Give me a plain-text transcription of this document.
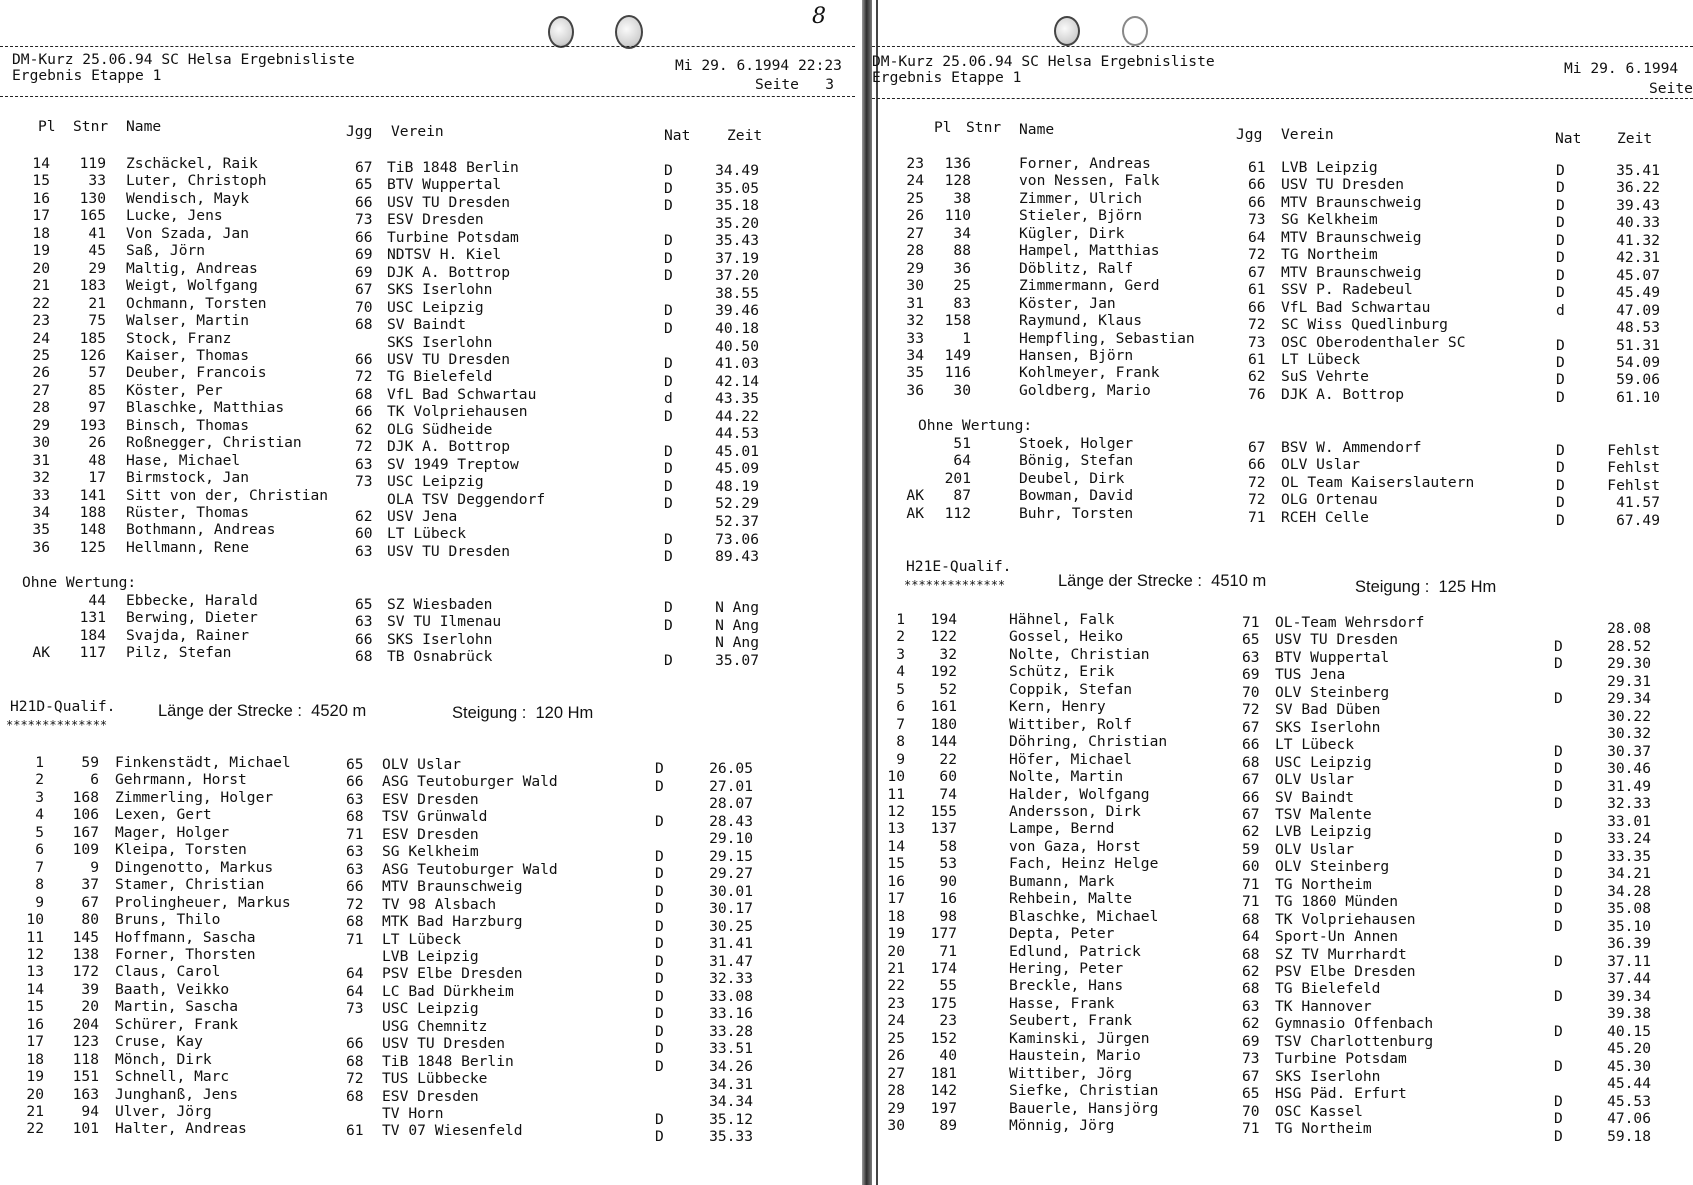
8
DM-Kurz 25.06.94 SC Helsa Ergebnisliste
Ergebnis Etappe 1
Mi 29. 6.1994 22:23
Seite   3
Pl Stnr Name	Jgg Verein	Nat	Zeit
14 119 Zschäckel, Raik	67 TiB 1848 Berlin	D	34.49
15	33 Luter, Christoph	65 BTV Wuppertal	D	35.05
16 130 Wendisch, Mayk	66 USV TU Dresden	D	35.18
17 165 Lucke, Jens	73 ESV Dresden	35.20
18	41 Von Szada, Jan	66 Turbine Potsdam	D	35.43
19	45 Saß, Jörn	69 NDTSV H. Kiel	D	37.19
20	29 Maltig, Andreas	69 DJK A. Bottrop	D	37.20
21 183 Weigt, Wolfgang	67 SKS Iserlohn	38.55
22	21 Ochmann, Torsten	70 USC Leipzig	D	39.46
23	75 Walser, Martin	68 SV Baindt	D	40.18
24 185 Stock, Franz	SKS Iserlohn	40.50
25 126 Kaiser, Thomas	66 USV TU Dresden	D	41.03
26	57 Deuber, Francois	72 TG Bielefeld	D	42.14
27	85 Köster, Per	68 VfL Bad Schwartau	d	43.35
28	97 Blaschke, Matthias	66 TK Volpriehausen	D	44.22
29 193 Binsch, Thomas	62 OLG Südheide	44.53
30	26 Roßnegger, Christian	72 DJK A. Bottrop	D	45.01
31	48 Hase, Michael	63 SV 1949 Treptow	D	45.09
32	17 Birmstock, Jan	73 USC Leipzig	D	48.19
33 141 Sitt von der, Christian	OLA TSV Deggendorf	D	52.29
34 188 Rüster, Thomas	62 USV Jena	52.37
35 148 Bothmann, Andreas	60 LT Lübeck	D	73.06
36 125 Hellmann, Rene	63 USV TU Dresden	D	89.43
Ohne Wertung:
44 Ebbecke, Harald	65 SZ Wiesbaden	D	N Ang
131 Berwing, Dieter	63 SV TU Ilmenau	D	N Ang
184 Svajda, Rainer	66 SKS Iserlohn	N Ang
AK 117 Pilz, Stefan	68 TB Osnabrück	D	35.07
H21D-Qualif.
**************
Länge der Strecke :  4520 m	Steigung :  120 Hm
1	59 Finkenstädt, Michael	65 OLV Uslar	D	26.05
2	6 Gehrmann, Horst	66 ASG Teutoburger Wald	D	27.01
3 168 Zimmerling, Holger	63 ESV Dresden	28.07
4 106 Lexen, Gert	68 TSV Grünwald	D	28.43
5 167 Mager, Holger	71 ESV Dresden	29.10
6 109 Kleipa, Torsten	63 SG Kelkheim	D	29.15
7	9 Dingenotto, Markus	63 ASG Teutoburger Wald	D	29.27
8	37 Stamer, Christian	66 MTV Braunschweig	D	30.01
9	67 Prolingheuer, Markus	72 TV 98 Alsbach	D	30.17
10	80 Bruns, Thilo	68 MTK Bad Harzburg	D	30.25
11 145 Hoffmann, Sascha	71 LT Lübeck	D	31.41
12 138 Forner, Thorsten	LVB Leipzig	D	31.47
13 172 Claus, Carol	64 PSV Elbe Dresden	D	32.33
14	39 Baath, Veikko	64 LC Bad Dürkheim	D	33.08
15	20 Martin, Sascha	73 USC Leipzig	D	33.16
16 204 Schürer, Frank	USG Chemnitz	D	33.28
17 123 Cruse, Kay	66 USV TU Dresden	D	33.51
18 118 Mönch, Dirk	68 TiB 1848 Berlin	D	34.26
19 151 Schnell, Marc	72 TUS Lübbecke	34.31
20 163 Junghanß, Jens	68 ESV Dresden	34.34
21	94 Ulver, Jörg	TV Horn	D	35.12
22 101 Halter, Andreas	61 TV 07 Wiesenfeld	D	35.33
DM-Kurz 25.06.94 SC Helsa Ergebnisliste
Ergebnis Etappe 1
Mi 29. 6.1994
Seite
Pl Stnr Name	Jgg Verein	Nat Zeit
23 136	Forner, Andreas	61 LVB Leipzig	D	35.41
24 128	von Nessen, Falk	66 USV TU Dresden	D	36.22
25 38	Zimmer, Ulrich	66 MTV Braunschweig	D	39.43
26 110	Stieler, Björn	73 SG Kelkheim	D	40.33
27 34	Kügler, Dirk	64 MTV Braunschweig	D	41.32
28 88	Hampel, Matthias	72 TG Northeim	D	42.31
29 36	Döblitz, Ralf	67 MTV Braunschweig	D	45.07
30 25	Zimmermann, Gerd	61 SSV P. Radebeul	D	45.49
31 83	Köster, Jan	66 VfL Bad Schwartau	d	47.09
32 158	Raymund, Klaus	72 SC Wiss Quedlinburg	48.53
33	1	Hempfling, Sebastian	73 OSC Oberodenthaler SC	D	51.31
34 149	Hansen, Björn	61 LT Lübeck	D	54.09
35 116	Kohlmeyer, Frank	62 SuS Vehrte	D	59.06
36 30	Goldberg, Mario	76 DJK A. Bottrop	D	61.10
Ohne Wertung:
51	Stoek, Holger	67 BSV W. Ammendorf	D	Fehlst
64	Bönig, Stefan	66 OLV Uslar	D	Fehlst
201	Deubel, Dirk	72 OL Team Kaiserslautern	D	Fehlst
AK 87	Bowman, David	72 OLG Ortenau	D	41.57
AK 112	Buhr, Torsten	71 RCEH Celle	D	67.49
H21E-Qualif.
**************	Länge der Strecke :  4510 m	Steigung :  125 Hm
1 194	Hähnel, Falk	71 OL-Team Wehrsdorf	28.08
2 122	Gossel, Heiko	65 USV TU Dresden	D	28.52
3 32	Nolte, Christian	63 BTV Wuppertal	D	29.30
4 192	Schütz, Erik	69 TUS Jena	29.31
5 52	Coppik, Stefan	70 OLV Steinberg	D	29.34
6 161	Kern, Henry	72 SV Bad Düben	30.22
7 180	Wittiber, Rolf	67 SKS Iserlohn	30.32
8 144	Döhring, Christian	66 LT Lübeck	D	30.37
9 22	Höfer, Michael	68 USC Leipzig	D	30.46
10 60	Nolte, Martin	67 OLV Uslar	D	31.49
11 74	Halder, Wolfgang	66 SV Baindt	D	32.33
12 155	Andersson, Dirk	67 TSV Malente	33.01
13 137	Lampe, Bernd	62 LVB Leipzig	D	33.24
14 58	von Gaza, Horst	59 OLV Uslar	D	33.35
15 53	Fach, Heinz Helge	60 OLV Steinberg	D	34.21
16 90	Bumann, Mark	71 TG Northeim	D	34.28
17 16	Rehbein, Malte	71 TG 1860 Münden	D	35.08
18 98	Blaschke, Michael	68 TK Volpriehausen	D	35.10
19 177	Depta, Peter	64 Sport-Un Annen	36.39
20 71	Edlund, Patrick	68 SZ TV Murrhardt	D	37.11
21 174	Hering, Peter	62 PSV Elbe Dresden	37.44
22 55	Breckle, Hans	68 TG Bielefeld	D	39.34
23 175	Hasse, Frank	63 TK Hannover	39.38
24 23	Seubert, Frank	62 Gymnasio Offenbach	D	40.15
25 152	Kaminski, Jürgen	69 TSV Charlottenburg	45.20
26 40	Haustein, Mario	73 Turbine Potsdam	D	45.30
27 181	Wittiber, Jörg	67 SKS Iserlohn	45.44
28 142	Siefke, Christian	65 HSG Päd. Erfurt	D	45.53
29 197	Bauerle, Hansjörg	70 OSC Kassel	D	47.06
30 89	Mönnig, Jörg	71 TG Northeim	D	59.18
